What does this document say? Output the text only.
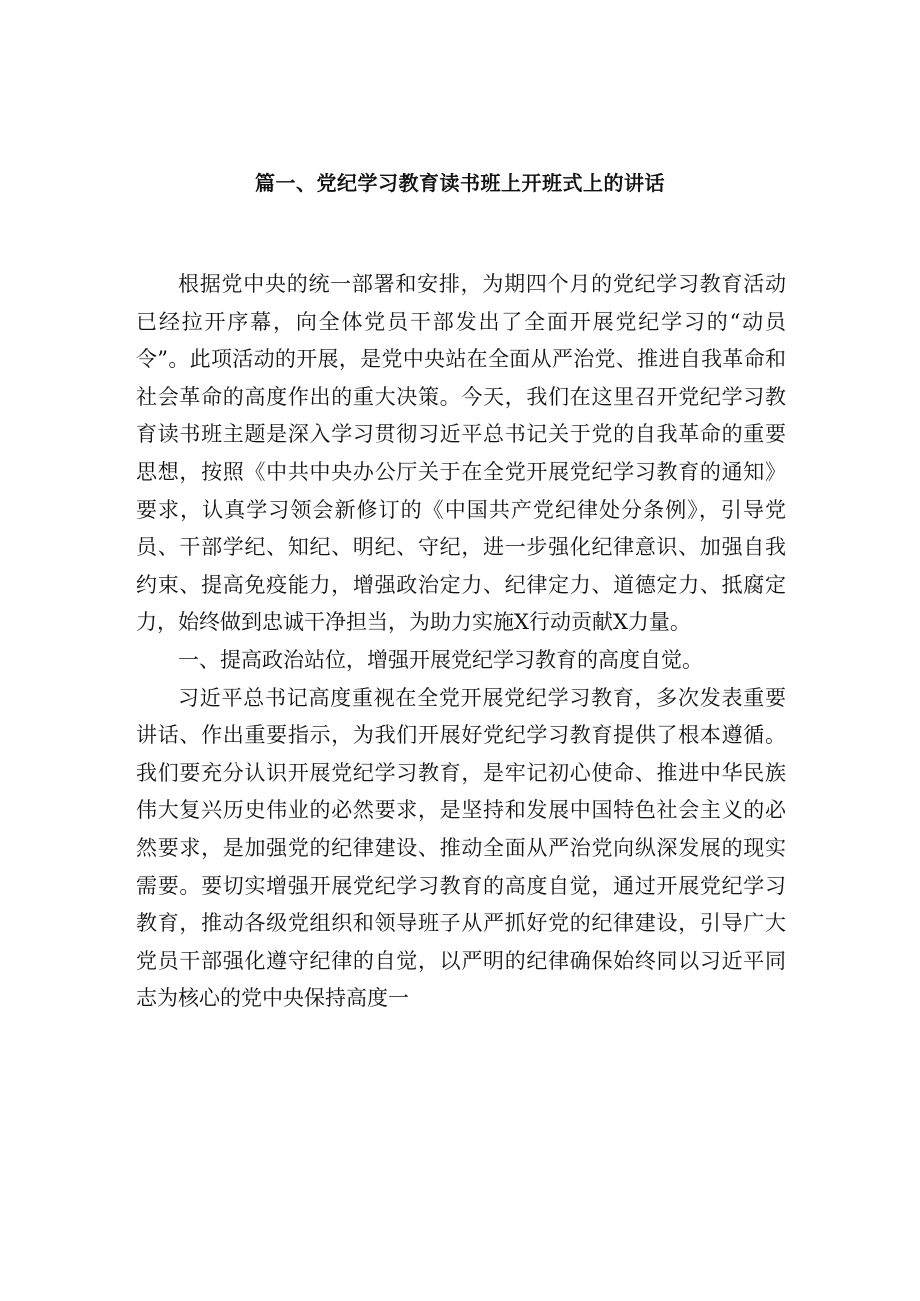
篇一、党纪学习教育读书班上开班式上的讲话

根据党中央的统一部署和安排，为期四个月的党纪学习教育活动已经拉开序幕，向全体党员干部发出了全面开展党纪学习的“动员令”。此项活动的开展，是党中央站在全面从严治党、推进自我革命和社会革命的高度作出的重大决策。今天，我们在这里召开党纪学习教育读书班主题是深入学习贯彻习近平总书记关于党的自我革命的重要思想，按照《中共中央办公厅关于在全党开展党纪学习教育的通知》要求，认真学习领会新修订的《中国共产党纪律处分条例》，引导党员、干部学纪、知纪、明纪、守纪，进一步强化纪律意识、加强自我约束、提高免疫能力，增强政治定力、纪律定力、道德定力、抵腐定力，始终做到忠诚干净担当，为助力实施X行动贡献X力量。

一、提高政治站位，增强开展党纪学习教育的高度自觉。

习近平总书记高度重视在全党开展党纪学习教育，多次发表重要讲话、作出重要指示，为我们开展好党纪学习教育提供了根本遵循。我们要充分认识开展党纪学习教育，是牢记初心使命、推进中华民族伟大复兴历史伟业的必然要求，是坚持和发展中国特色社会主义的必然要求，是加强党的纪律建设、推动全面从严治党向纵深发展的现实需要。要切实增强开展党纪学习教育的高度自觉，通过开展党纪学习教育，推动各级党组织和领导班子从严抓好党的纪律建设，引导广大党员干部强化遵守纪律的自觉，以严明的纪律确保始终同以习近平同志为核心的党中央保持高度一
